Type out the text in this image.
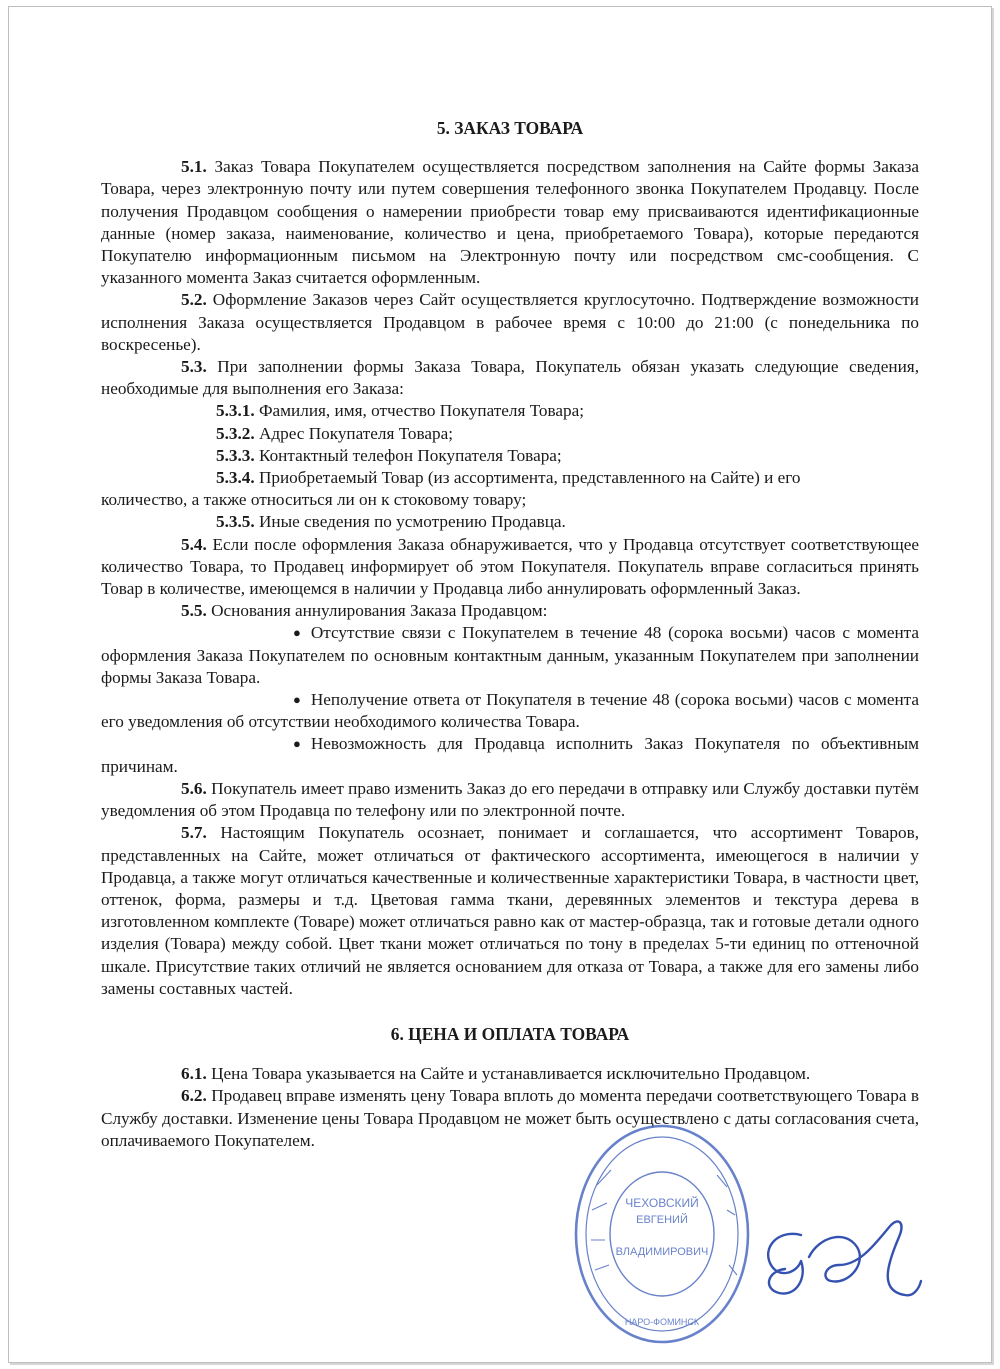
5. ЗАКАЗ ТОВАРА

5.1. Заказ Товара Покупателем осуществляется посредством заполнения на Сайте формы Заказа Товара, через электронную почту или путем совершения телефонного звонка Покупателем Продавцу. После получения Продавцом сообщения о намерении приобрести товар ему присваиваются идентификационные данные (номер заказа, наименование, количество и цена, приобретаемого Товара), которые передаются Покупателю информационным письмом на Электронную почту или посредством смс-сообщения. С указанного момента Заказ считается оформленным.

5.2. Оформление Заказов через Сайт осуществляется круглосуточно. Подтверждение возможности исполнения Заказа осуществляется Продавцом в рабочее время с 10:00 до 21:00 (с понедельника по воскресенье).

5.3. При заполнении формы Заказа Товара, Покупатель обязан указать следующие сведения, необходимые для выполнения его Заказа:

5.3.1. Фамилия, имя, отчество Покупателя Товара;

5.3.2. Адрес Покупателя Товара;

5.3.3. Контактный телефон Покупателя Товара;

5.3.4. Приобретаемый Товар (из ассортимента, представленного на Сайте) и его

количество, а также относиться ли он к стоковому товару;

5.3.5. Иные сведения по усмотрению Продавца.

5.4. Если после оформления Заказа обнаруживается, что у Продавца отсутствует соответствующее количество Товара, то Продавец информирует об этом Покупателя. Покупатель вправе согласиться принять Товар в количестве, имеющемся в наличии у Продавца либо аннулировать оформленный Заказ.

5.5. Основания аннулирования Заказа Продавцом:

● Отсутствие связи с Покупателем в течение 48 (сорока восьми) часов с момента оформления Заказа Покупателем по основным контактным данным, указанным Покупателем при заполнении формы Заказа Товара.

● Неполучение ответа от Покупателя в течение 48 (сорока восьми) часов с момента его уведомления об отсутствии необходимого количества Товара.

● Невозможность для Продавца исполнить Заказ Покупателя по объективным причинам.

5.6. Покупатель имеет право изменить Заказ до его передачи в отправку или Службу доставки путём уведомления об этом Продавца по телефону или по электронной почте.

5.7. Настоящим Покупатель осознает, понимает и соглашается, что ассортимент Товаров, представленных на Сайте, может отличаться от фактического ассортимента, имеющегося в наличии у Продавца, а также могут отличаться качественные и количественные характеристики Товара, в частности цвет, оттенок, форма, размеры и т.д. Цветовая гамма ткани, деревянных элементов и текстура дерева в изготовленном комплекте (Товаре) может отличаться равно как от мастер-образца, так и готовые детали одного изделия (Товара) между собой. Цвет ткани может отличаться по тону в пределах 5-ти единиц по оттеночной шкале. Присутствие таких отличий не является основанием для отказа от Товара, а также для его замены либо замены составных частей.

6. ЦЕНА И ОПЛАТА ТОВАРА

6.1. Цена Товара указывается на Сайте и устанавливается исключительно Продавцом.

6.2. Продавец вправе изменять цену Товара вплоть до момента передачи соответствующего Товара в Службу доставки. Изменение цены Товара Продавцом не может быть осуществлено с даты согласования счета, оплачиваемого Покупателем.

ЧЕХОВСКИЙ
ЕВГЕНИЙ
ВЛАДИМИРОВИЧ
НАРО-ФОМИНСК
